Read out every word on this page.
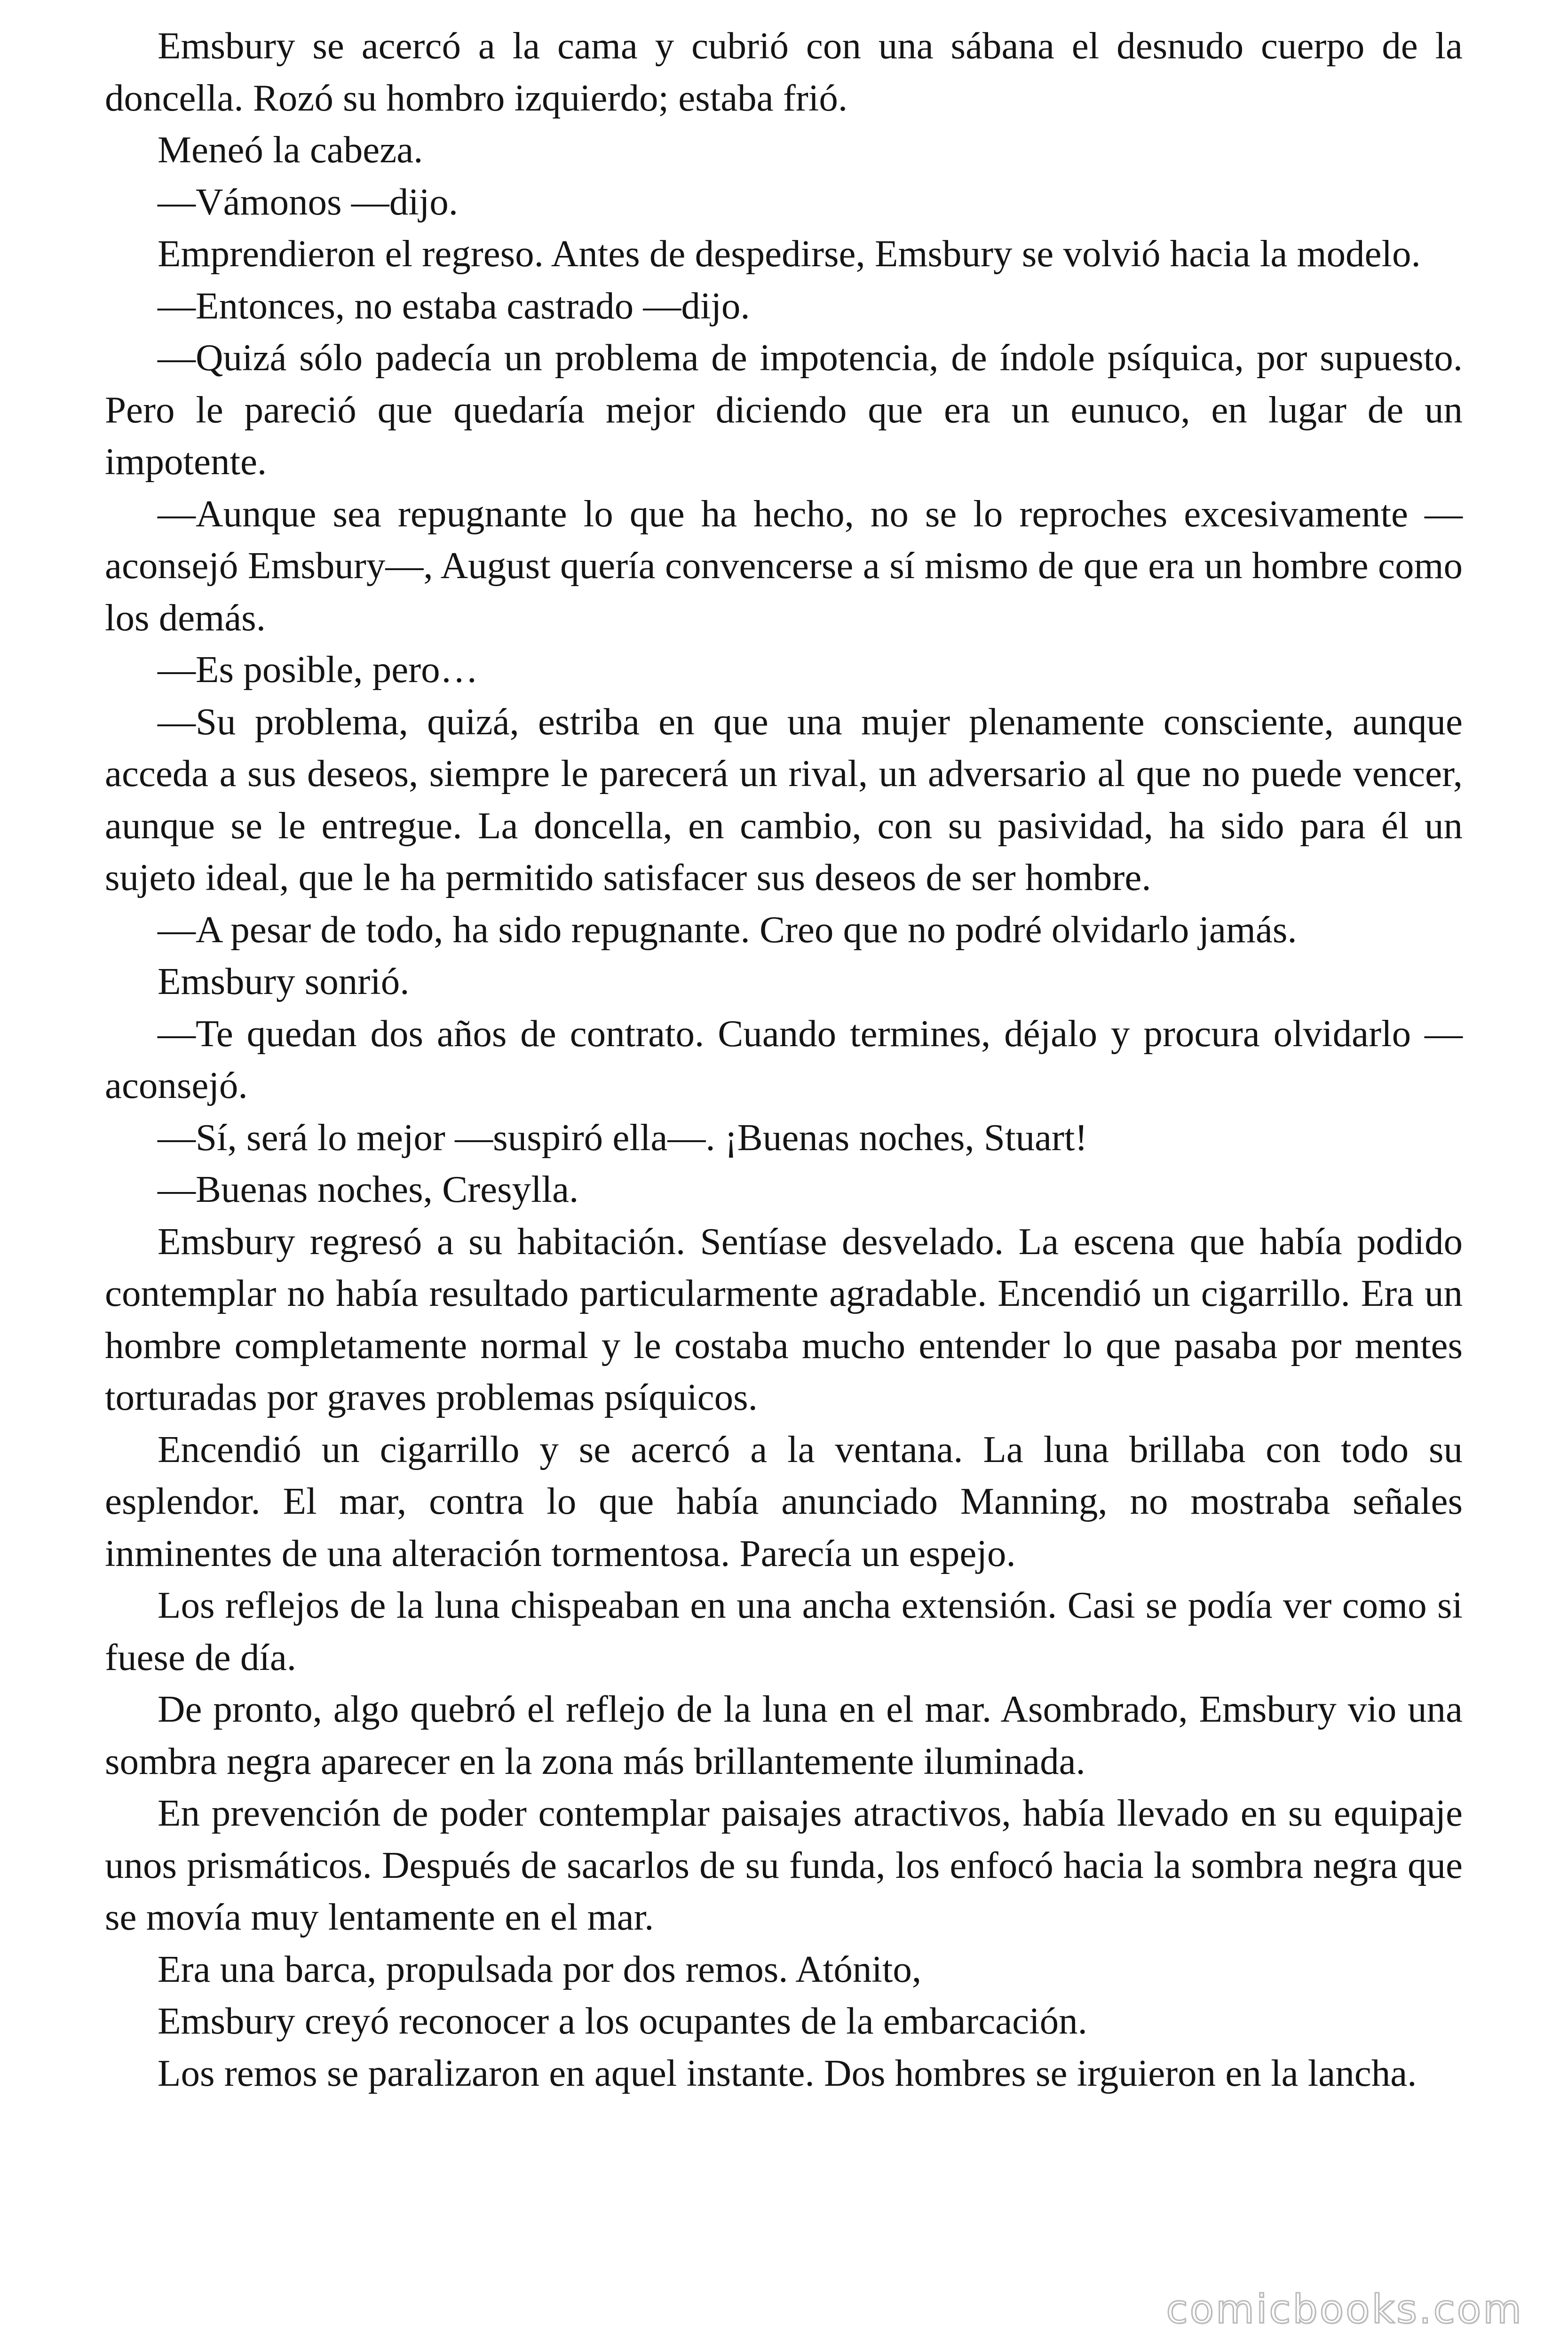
Emsbury se acercó a la cama y cubrió con una sábana el desnudo cuerpo de la doncella. Rozó su hombro izquierdo; estaba frió.

Meneó la cabeza.

—Vámonos —dijo.

Emprendieron el regreso. Antes de despedirse, Emsbury se volvió hacia la modelo.

—Entonces, no estaba castrado —dijo.

—Quizá sólo padecía un problema de impotencia, de índole psíquica, por supuesto. Pero le pareció que quedaría mejor diciendo que era un eunuco, en lugar de un impotente.

—Aunque sea repugnante lo que ha hecho, no se lo reproches excesivamente —aconsejó Emsbury—, August quería convencerse a sí mismo de que era un hombre como los demás.

—Es posible, pero…

—Su problema, quizá, estriba en que una mujer plenamente consciente, aunque acceda a sus deseos, siempre le parecerá un rival, un adversario al que no puede vencer, aunque se le entregue. La doncella, en cambio, con su pasividad, ha sido para él un sujeto ideal, que le ha permitido satisfacer sus deseos de ser hombre.

—A pesar de todo, ha sido repugnante. Creo que no podré olvidarlo jamás.

Emsbury sonrió.

—Te quedan dos años de contrato. Cuando termines, déjalo y procura olvidarlo —aconsejó.

—Sí, será lo mejor —suspiró ella—. ¡Buenas noches, Stuart!

—Buenas noches, Cresylla.

Emsbury regresó a su habitación. Sentíase desvelado. La escena que había podido contemplar no había resultado particularmente agradable. Encendió un cigarrillo. Era un hombre completamente normal y le costaba mucho entender lo que pasaba por mentes torturadas por graves problemas psíquicos.

Encendió un cigarrillo y se acercó a la ventana. La luna brillaba con todo su esplendor. El mar, contra lo que había anunciado Manning, no mostraba señales inminentes de una alteración tormentosa. Parecía un espejo.

Los reflejos de la luna chispeaban en una ancha extensión. Casi se podía ver como si fuese de día.

De pronto, algo quebró el reflejo de la luna en el mar. Asombrado, Emsbury vio una sombra negra aparecer en la zona más brillantemente iluminada.

En prevención de poder contemplar paisajes atractivos, había llevado en su equipaje unos prismáticos. Después de sacarlos de su funda, los enfocó hacia la sombra negra que se movía muy lentamente en el mar.

Era una barca, propulsada por dos remos. Atónito,

Emsbury creyó reconocer a los ocupantes de la embarcación.

Los remos se paralizaron en aquel instante. Dos hombres se irguieron en la lancha.

comicbooks.com
